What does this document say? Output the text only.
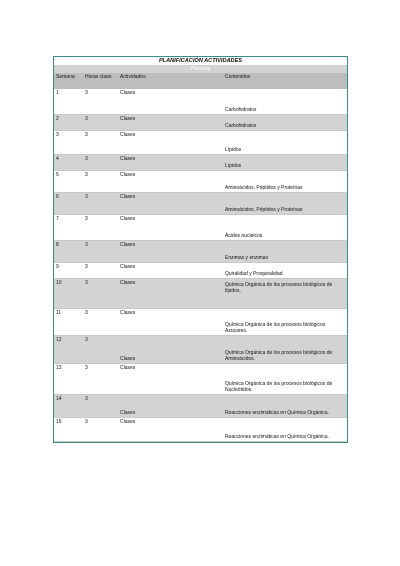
PLANIFICACIÓN ACTIVIDADES
Planning
Semana	Horas clase	Actividades	Contenidos
1	3	Clases	Carbohidratos
2	3	Clases	Carbohidratos
3	3	Clases	Lípidos
4	3	Clases	Lípidos
5	3	Clases	Aminoácidos, Péptidos y Proteínas
6	3	Clases	Aminoácidos, Péptidos y Proteínas
7	3	Clases	Ácidos nucleicos.
8	3	Clases	Enzimas y enzimas
9	3	Clases	Quiralidad y Proquiralidad
10	3	Clases	Química Orgánica de los procesos biológicos de lípidos.
11	3	Clases	Química Orgánica de los procesos biológicos Azucares.
12	3	Clases	Química Orgánica de los procesos biológicos de Aminoácidos.
13	3	Clases	Química Orgánica de los procesos biológicos de Nucleótidos.
14	3	Clases	Reacciones enzimáticas en Química Orgánica.
15	3	Clases	Reacciones enzimáticas en Química Orgánica.
